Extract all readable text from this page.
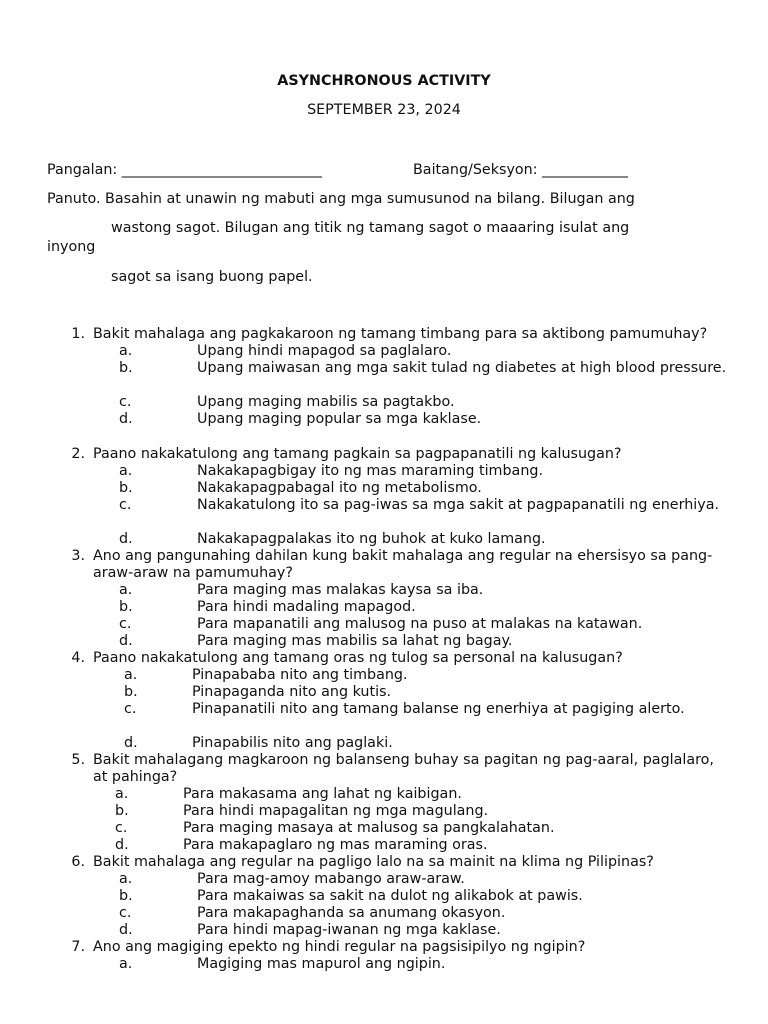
ASYNCHRONOUS ACTIVITY
SEPTEMBER 23, 2024
Pangalan: ____________________________	Baitang/Seksyon: ____________
Panuto. Basahin at unawin ng mabuti ang mga sumusunod na bilang. Bilugan ang
wastong sagot. Bilugan ang titik ng tamang sagot o maaaring isulat ang
inyong
sagot sa isang buong papel.
1. Bakit mahalaga ang pagkakaroon ng tamang timbang para sa aktibong pamumuhay?
a.	Upang hindi mapagod sa paglalaro.
b.	Upang maiwasan ang mga sakit tulad ng diabetes at high blood pressure.
c.	Upang maging mabilis sa pagtakbo.
d.	Upang maging popular sa mga kaklase.
2. Paano nakakatulong ang tamang pagkain sa pagpapanatili ng kalusugan?
a.	Nakakapagbigay ito ng mas maraming timbang.
b.	Nakakapagpabagal ito ng metabolismo.
c.	Nakakatulong ito sa pag-iwas sa mga sakit at pagpapanatili ng enerhiya.
d.	Nakakapagpalakas ito ng buhok at kuko lamang.
3. Ano ang pangunahing dahilan kung bakit mahalaga ang regular na ehersisyo sa pang-araw-araw na pamumuhay?
a.	Para maging mas malakas kaysa sa iba.
b.	Para hindi madaling mapagod.
c.	Para mapanatili ang malusog na puso at malakas na katawan.
d.	Para maging mas mabilis sa lahat ng bagay.
4. Paano nakakatulong ang tamang oras ng tulog sa personal na kalusugan?
a.	Pinapababa nito ang timbang.
b.	Pinapaganda nito ang kutis.
c.	Pinapanatili nito ang tamang balanse ng enerhiya at pagiging alerto.
d.	Pinapabilis nito ang paglaki.
5. Bakit mahalagang magkaroon ng balanseng buhay sa pagitan ng pag-aaral, paglalaro, at pahinga?
a.	Para makasama ang lahat ng kaibigan.
b.	Para hindi mapagalitan ng mga magulang.
c.	Para maging masaya at malusog sa pangkalahatan.
d.	Para makapaglaro ng mas maraming oras.
6. Bakit mahalaga ang regular na pagligo lalo na sa mainit na klima ng Pilipinas?
a.	Para mag-amoy mabango araw-araw.
b.	Para makaiwas sa sakit na dulot ng alikabok at pawis.
c.	Para makapaghanda sa anumang okasyon.
d.	Para hindi mapag-iwanan ng mga kaklase.
7. Ano ang magiging epekto ng hindi regular na pagsisipilyo ng ngipin?
a.	Magiging mas mapurol ang ngipin.
